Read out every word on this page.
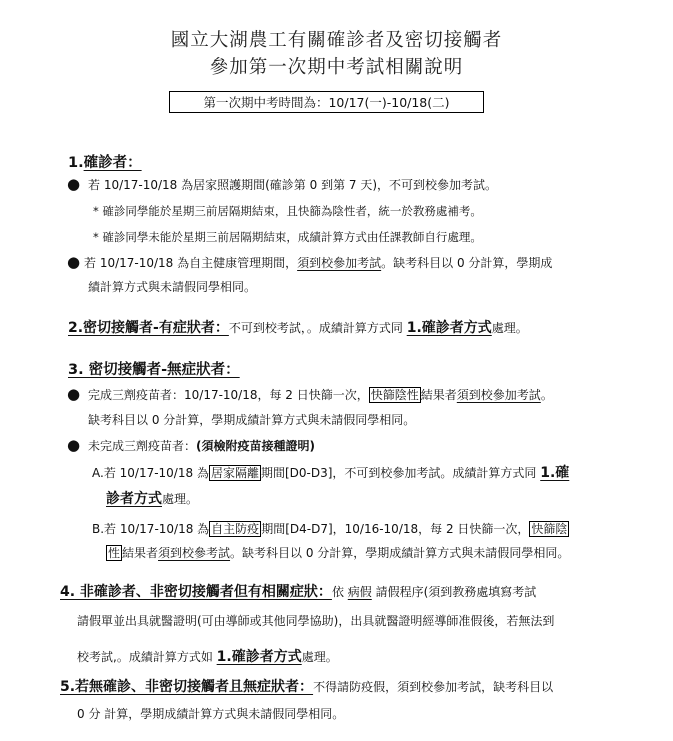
國立大湖農工有關確診者及密切接觸者
參加第一次期中考試相關說明
第一次期中考時間為：10/17(一)-10/18(二)
1.確診者：
● 若 10/17-10/18 為居家照護期間(確診第 0 到第 7 天)，不可到校參加考試。
* 確診同學能於星期三前居隔期結束，且快篩為陰性者，統一於教務處補考。
* 確診同學未能於星期三前居隔期結束，成績計算方式由任課教師自行處理。
● 若 10/17-10/18 為自主健康管理期間，須到校參加考試。缺考科目以 0 分計算，學期成
績計算方式與未請假同學相同。
2.密切接觸者-有症狀者：不可到校考試，。成績計算方式同 1.確診者方式處理。
3. 密切接觸者-無症狀者：
● 完成三劑疫苗者：10/17-10/18，每 2 日快篩一次， 快篩陰性 結果者須到校參加考試。
缺考科目以 0 分計算，學期成績計算方式與未請假同學相同。
● 未完成三劑疫苗者：(須檢附疫苗接種證明)
A.若 10/17-10/18 為 居家隔離 期間[D0-D3]，不可到校參加考試。成績計算方式同 1.確
診者方式處理。
B.若 10/17-10/18 為 自主防疫 期間[D4-D7]，10/16-10/18，每 2 日快篩一次， 快篩陰
性 結果者須到校參考試。缺考科目以 0 分計算，學期成績計算方式與未請假同學相同。
4. 非確診者、非密切接觸者但有相關症狀：依 病假 請假程序(須到教務處填寫考試
請假單並出具就醫證明(可由導師或其他同學協助)，出具就醫證明經導師准假後，若無法到
校考試,。成績計算方式如 1.確診者方式處理。
5.若無確診、非密切接觸者且無症狀者：不得請防疫假，須到校參加考試，缺考科目以
0 分 計算，學期成績計算方式與未請假同學相同。
